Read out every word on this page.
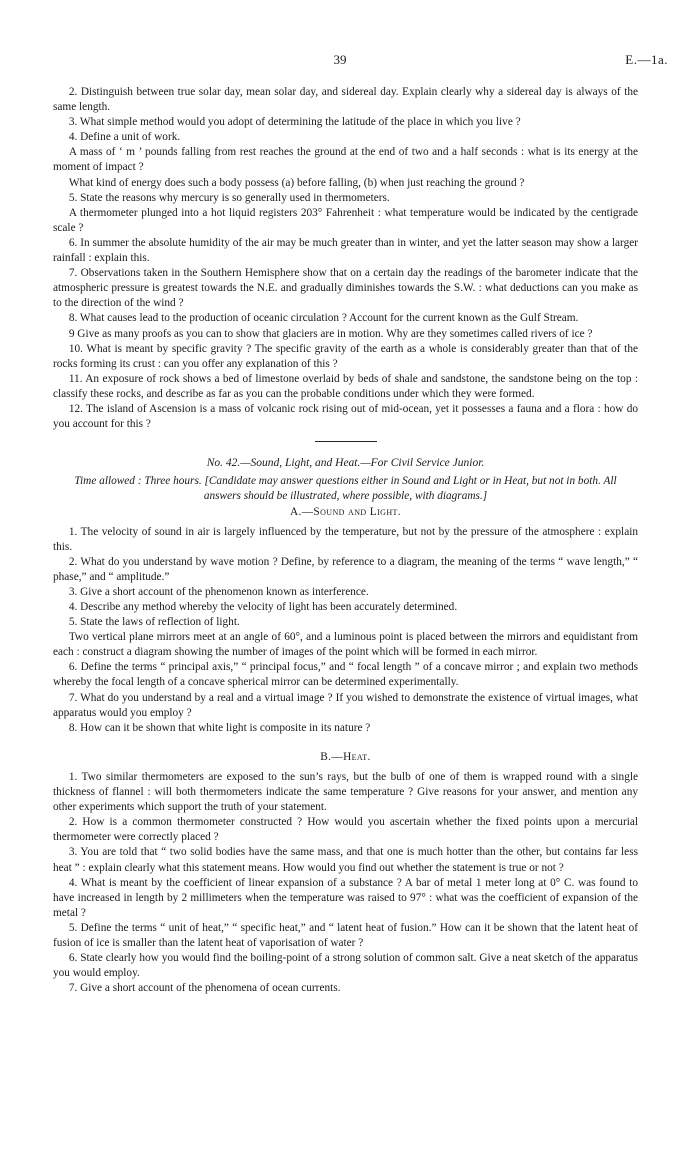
39	E.—1a.

2. Distinguish between true solar day, mean solar day, and sidereal day. Explain clearly why a sidereal day is always of the same length.

3. What simple method would you adopt of determining the latitude of the place in which you live ?

4. Define a unit of work.

A mass of ‘ m ’ pounds falling from rest reaches the ground at the end of two and a half seconds : what is its energy at the moment of impact ?

What kind of energy does such a body possess (a) before falling, (b) when just reaching the ground ?

5. State the reasons why mercury is so generally used in thermometers.

A thermometer plunged into a hot liquid registers 203° Fahrenheit : what temperature would be indicated by the centigrade scale ?

6. In summer the absolute humidity of the air may be much greater than in winter, and yet the latter season may show a larger rainfall : explain this.

7. Observations taken in the Southern Hemisphere show that on a certain day the readings of the barometer indicate that the atmospheric pressure is greatest towards the N.E. and gradually diminishes towards the S.W. : what deductions can you make as to the direction of the wind ?

8. What causes lead to the production of oceanic circulation ? Account for the current known as the Gulf Stream.

9 Give as many proofs as you can to show that glaciers are in motion. Why are they sometimes called rivers of ice ?

10. What is meant by specific gravity ? The specific gravity of the earth as a whole is considerably greater than that of the rocks forming its crust : can you offer any explanation of this ?

11. An exposure of rock shows a bed of limestone overlaid by beds of shale and sandstone, the sandstone being on the top : classify these rocks, and describe as far as you can the probable conditions under which they were formed.

12. The island of Ascension is a mass of volcanic rock rising out of mid-ocean, yet it possesses a fauna and a flora : how do you account for this ?

No. 42.—Sound, Light, and Heat.—For Civil Service Junior.
Time allowed : Three hours. [Candidate may answer questions either in Sound and Light or in Heat, but not in both. All answers should be illustrated, where possible, with diagrams.]
A.—Sound and Light.

1. The velocity of sound in air is largely influenced by the temperature, but not by the pressure of the atmosphere : explain this.

2. What do you understand by wave motion ? Define, by reference to a diagram, the meaning of the terms “ wave length,” “ phase,” and “ amplitude.”

3. Give a short account of the phenomenon known as interference.

4. Describe any method whereby the velocity of light has been accurately determined.

5. State the laws of reflection of light.

Two vertical plane mirrors meet at an angle of 60°, and a luminous point is placed between the mirrors and equidistant from each : construct a diagram showing the number of images of the point which will be formed in each mirror.

6. Define the terms “ principal axis,” “ principal focus,” and “ focal length ” of a concave mirror ; and explain two methods whereby the focal length of a concave spherical mirror can be determined experimentally.

7. What do you understand by a real and a virtual image ? If you wished to demonstrate the existence of virtual images, what apparatus would you employ ?

8. How can it be shown that white light is composite in its nature ?

B.—Heat.

1. Two similar thermometers are exposed to the sun’s rays, but the bulb of one of them is wrapped round with a single thickness of flannel : will both thermometers indicate the same temperature ? Give reasons for your answer, and mention any other experiments which support the truth of your statement.

2. How is a common thermometer constructed ? How would you ascertain whether the fixed points upon a mercurial thermometer were correctly placed ?

3. You are told that “ two solid bodies have the same mass, and that one is much hotter than the other, but contains far less heat ” : explain clearly what this statement means. How would you find out whether the statement is true or not ?

4. What is meant by the coefficient of linear expansion of a substance ? A bar of metal 1 meter long at 0° C. was found to have increased in length by 2 millimeters when the temperature was raised to 97° : what was the coefficient of expansion of the metal ?

5. Define the terms “ unit of heat,” “ specific heat,” and “ latent heat of fusion.” How can it be shown that the latent heat of fusion of ice is smaller than the latent heat of vaporisation of water ?

6. State clearly how you would find the boiling-point of a strong solution of common salt. Give a neat sketch of the apparatus you would employ.

7. Give a short account of the phenomena of ocean currents.
